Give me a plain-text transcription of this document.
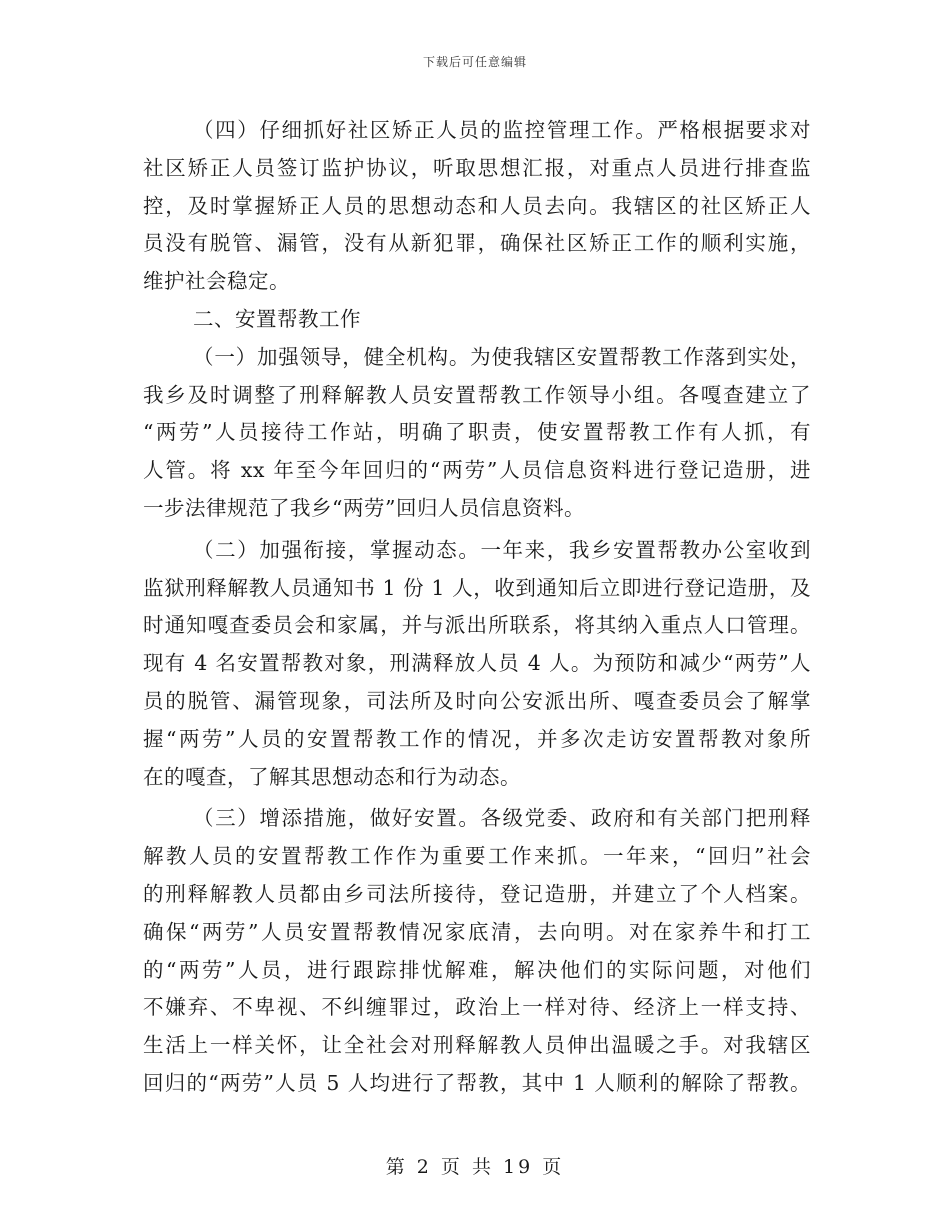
下载后可任意编辑
（四）仔细抓好社区矫正人员的监控管理工作。严格根据要求对
社区矫正人员签订监护协议，听取思想汇报，对重点人员进行排查监
控，及时掌握矫正人员的思想动态和人员去向。我辖区的社区矫正人
员没有脱管、漏管，没有从新犯罪，确保社区矫正工作的顺利实施，
维护社会稳定。
二、安置帮教工作
（一）加强领导，健全机构。为使我辖区安置帮教工作落到实处，
我乡及时调整了刑释解教人员安置帮教工作领导小组。各嘎查建立了
“两劳”人员接待工作站，明确了职责，使安置帮教工作有人抓，有
人管。将 xx 年至今年回归的“两劳”人员信息资料进行登记造册，进
一步法律规范了我乡“两劳”回归人员信息资料。
（二）加强衔接，掌握动态。一年来，我乡安置帮教办公室收到
监狱刑释解教人员通知书 1 份 1 人，收到通知后立即进行登记造册，及
时通知嘎查委员会和家属，并与派出所联系，将其纳入重点人口管理。
现有 4 名安置帮教对象，刑满释放人员 4 人。为预防和减少“两劳”人
员的脱管、漏管现象，司法所及时向公安派出所、嘎查委员会了解掌
握“两劳”人员的安置帮教工作的情况，并多次走访安置帮教对象所
在的嘎查，了解其思想动态和行为动态。
（三）增添措施，做好安置。各级党委、政府和有关部门把刑释
解教人员的安置帮教工作作为重要工作来抓。一年来，“回归”社会
的刑释解教人员都由乡司法所接待，登记造册，并建立了个人档案。
确保“两劳”人员安置帮教情况家底清，去向明。对在家养牛和打工
的“两劳”人员，进行跟踪排忧解难，解决他们的实际问题，对他们
不嫌弃、不卑视、不纠缠罪过，政治上一样对待、经济上一样支持、
生活上一样关怀，让全社会对刑释解教人员伸出温暖之手。对我辖区
回归的“两劳”人员 5 人均进行了帮教，其中 1 人顺利的解除了帮教。
第 2 页 共 19 页
